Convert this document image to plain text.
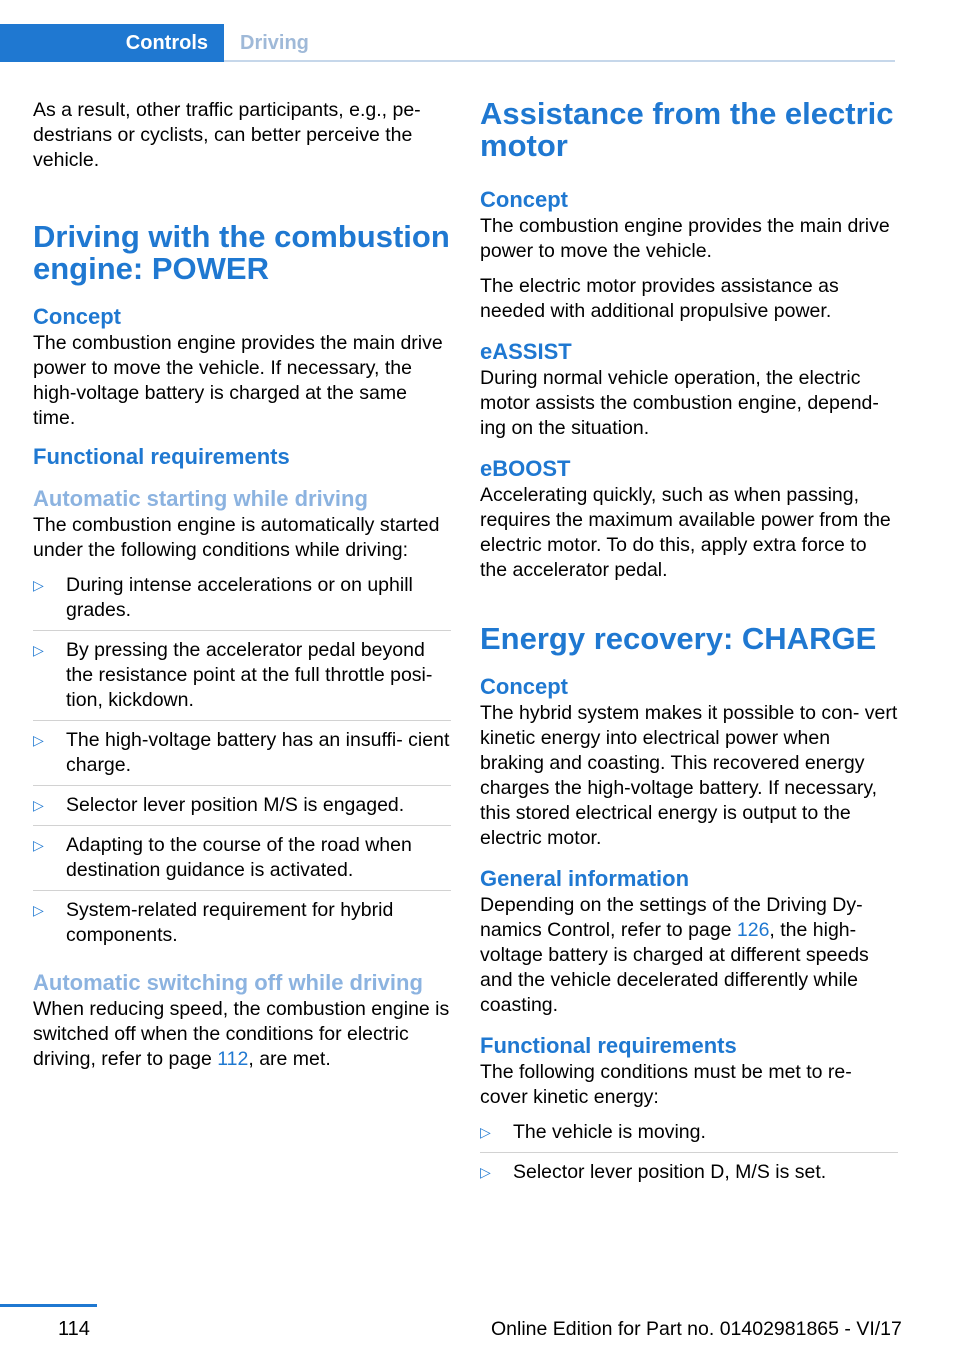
Controls	Driving

As a result, other traffic participants, e.g., pe‐ destrians or cyclists, can better perceive the vehicle.

Driving with the combustion engine: POWER
Concept

The combustion engine provides the main drive power to move the vehicle. If necessary, the high-voltage battery is charged at the same time.

Functional requirements
Automatic starting while driving

The combustion engine is automatically started under the following conditions while driving:

▷ During intense accelerations or on uphill grades.
▷ By pressing the accelerator pedal beyond the resistance point at the full throttle posi‐ tion, kickdown.
▷ The high-voltage battery has an insuffi‐ cient charge.
▷ Selector lever position M/S is engaged.
▷ Adapting to the course of the road when destination guidance is activated.
▷ System-related requirement for hybrid components.
Automatic switching off while driving

When reducing speed, the combustion engine is switched off when the conditions for electric driving, refer to page 112, are met.

Assistance from the electric motor
Concept

The combustion engine provides the main drive power to move the vehicle.

The electric motor provides assistance as needed with additional propulsive power.

eASSIST

During normal vehicle operation, the electric motor assists the combustion engine, depend‐ ing on the situation.

eBOOST

Accelerating quickly, such as when passing, requires the maximum available power from the electric motor. To do this, apply extra force to the accelerator pedal.

Energy recovery: CHARGE
Concept

The hybrid system makes it possible to con‐ vert kinetic energy into electrical power when braking and coasting. This recovered energy charges the high-voltage battery. If necessary, this stored electrical energy is output to the electric motor.

General information

Depending on the settings of the Driving Dy‐ namics Control, refer to page 126, the high- voltage battery is charged at different speeds and the vehicle decelerated differently while coasting.

Functional requirements

The following conditions must be met to re‐ cover kinetic energy:

▷ The vehicle is moving.
▷ Selector lever position D, M/S is set.
114	Online Edition for Part no. 01402981865 - VI/17
